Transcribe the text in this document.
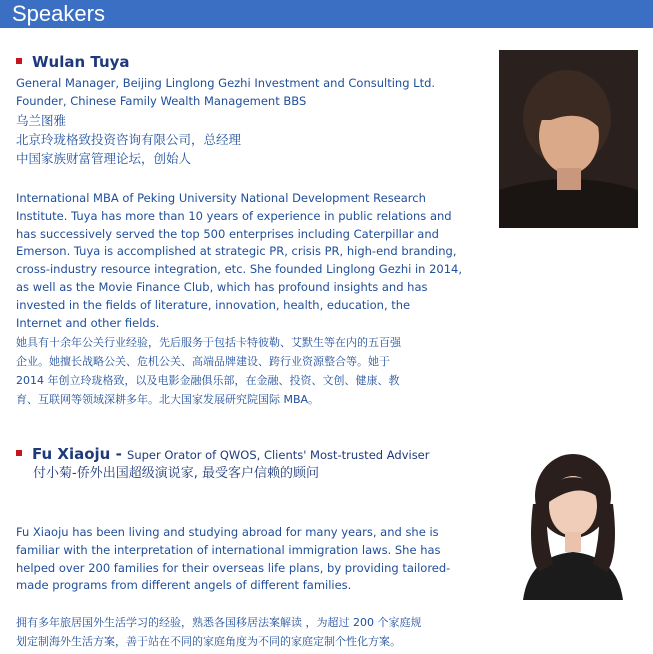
Speakers
Wulan Tuya
General Manager, Beijing Linglong Gezhi Investment and Consulting Ltd.
Founder, Chinese Family Wealth Management BBS
乌兰图雅
北京玲珑格致投资咨询有限公司，总经理
中国家族财富管理论坛，创始人
International MBA of Peking University National Development Research
Institute. Tuya has more than 10 years of experience in public relations and
has successively served the top 500 enterprises including Caterpillar and
Emerson. Tuya is accomplished at strategic PR, crisis PR, high-end branding,
cross-industry resource integration, etc. She founded Linglong Gezhi in 2014,
as well as the Movie Finance Club, which has profound insights and has
invested in the fields of literature, innovation, health, education, the
Internet and other fields.
她具有十余年公关行业经验，先后服务于包括卡特彼勒、艾默生等在内的五百强
企业。她擅长战略公关、危机公关、高端品牌建设、跨行业资源整合等。她于
2014 年创立玲珑格致，以及电影金融俱乐部，在金融、投资、文创、健康、教
育、互联网等领域深耕多年。北大国家发展研究院国际 MBA。
Fu Xiaoju - Super Orator of QWOS, Clients' Most-trusted Adviser
付小菊-侨外出国超级演说家, 最受客户信赖的顾问
Fu Xiaoju has been living and studying abroad for many years, and she is
familiar with the interpretation of international immigration laws. She has
helped over 200 families for their overseas life plans, by providing tailored-
made programs from different angels of different families.
拥有多年旅居国外生活学习的经验，熟悉各国移居法案解读 ，为超过 200 个家庭规
划定制海外生活方案，善于站在不同的家庭角度为不同的家庭定制个性化方案。
